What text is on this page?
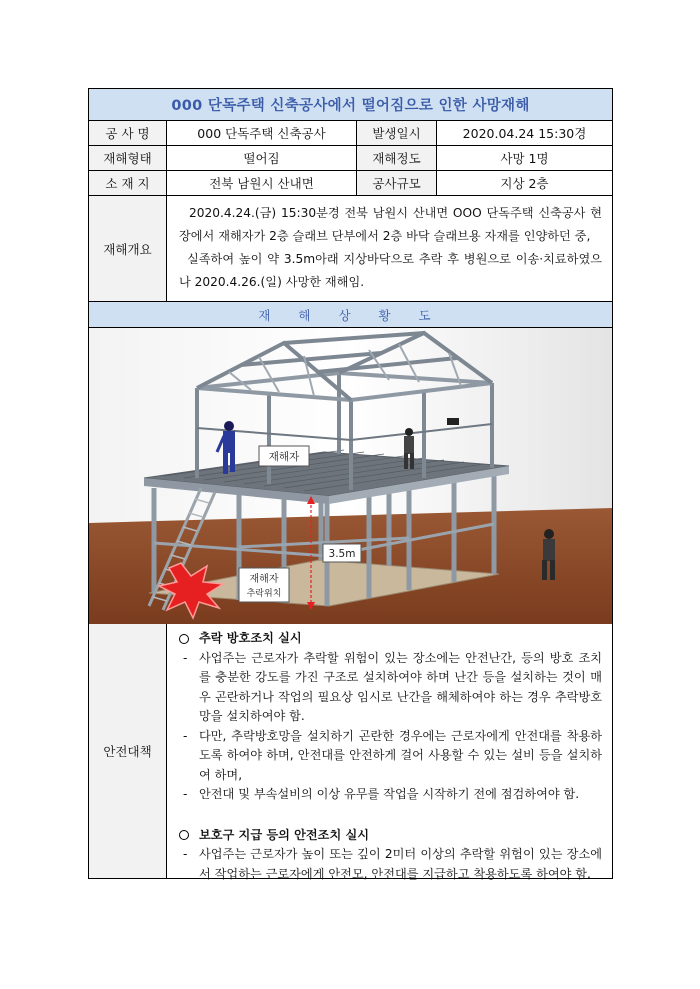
000 단독주택 신축공사에서 떨어짐으로 인한 사망재해
공 사 명	000 단독주택 신축공사	발생일시	2020.04.24 15:30경
재해형태	떨어짐	재해정도	사망 1명
소 재 지	전북 남원시 산내면	공사규모	지상 2층
재해개요

2020.4.24.(금) 15:30분경 전북 남원시 산내면 OOO 단독주택 신축공사 현장에서 재해자가 2층 슬래브 단부에서 2층 바닥 슬래브용 자재를 인양하던 중,

실족하여 높이 약 3.5m아래 지상바닥으로 추락 후 병원으로 이송·치료하였으나 2020.4.26.(일) 사망한 재해임.

재 해 상 황 도
재해자
3.5m
재해자
추락위치
안전대책
추락 방호조치 실시
- 사업주는 근로자가 추락할 위험이 있는 장소에는 안전난간, 등의 방호 조치를 충분한 강도를 가진 구조로 설치하여야 하며 난간 등을 설치하는 것이 매우 곤란하거나 작업의 필요상 임시로 난간을 해체하여야 하는 경우 추락방호망을 설치하여야 함.
- 다만, 추락방호망을 설치하기 곤란한 경우에는 근로자에게 안전대를 착용하도록 하여야 하며, 안전대를 안전하게 걸어 사용할 수 있는 설비 등을 설치하여 하며,
- 안전대 및 부속설비의 이상 유무를 작업을 시작하기 전에 점검하여야 함.
보호구 지급 등의 안전조치 실시
- 사업주는 근로자가 높이 또는 깊이 2미터 이상의 추락할 위험이 있는 장소에서 작업하는 근로자에게 안전모, 안전대를 지급하고 착용하도록 하여야 함.
